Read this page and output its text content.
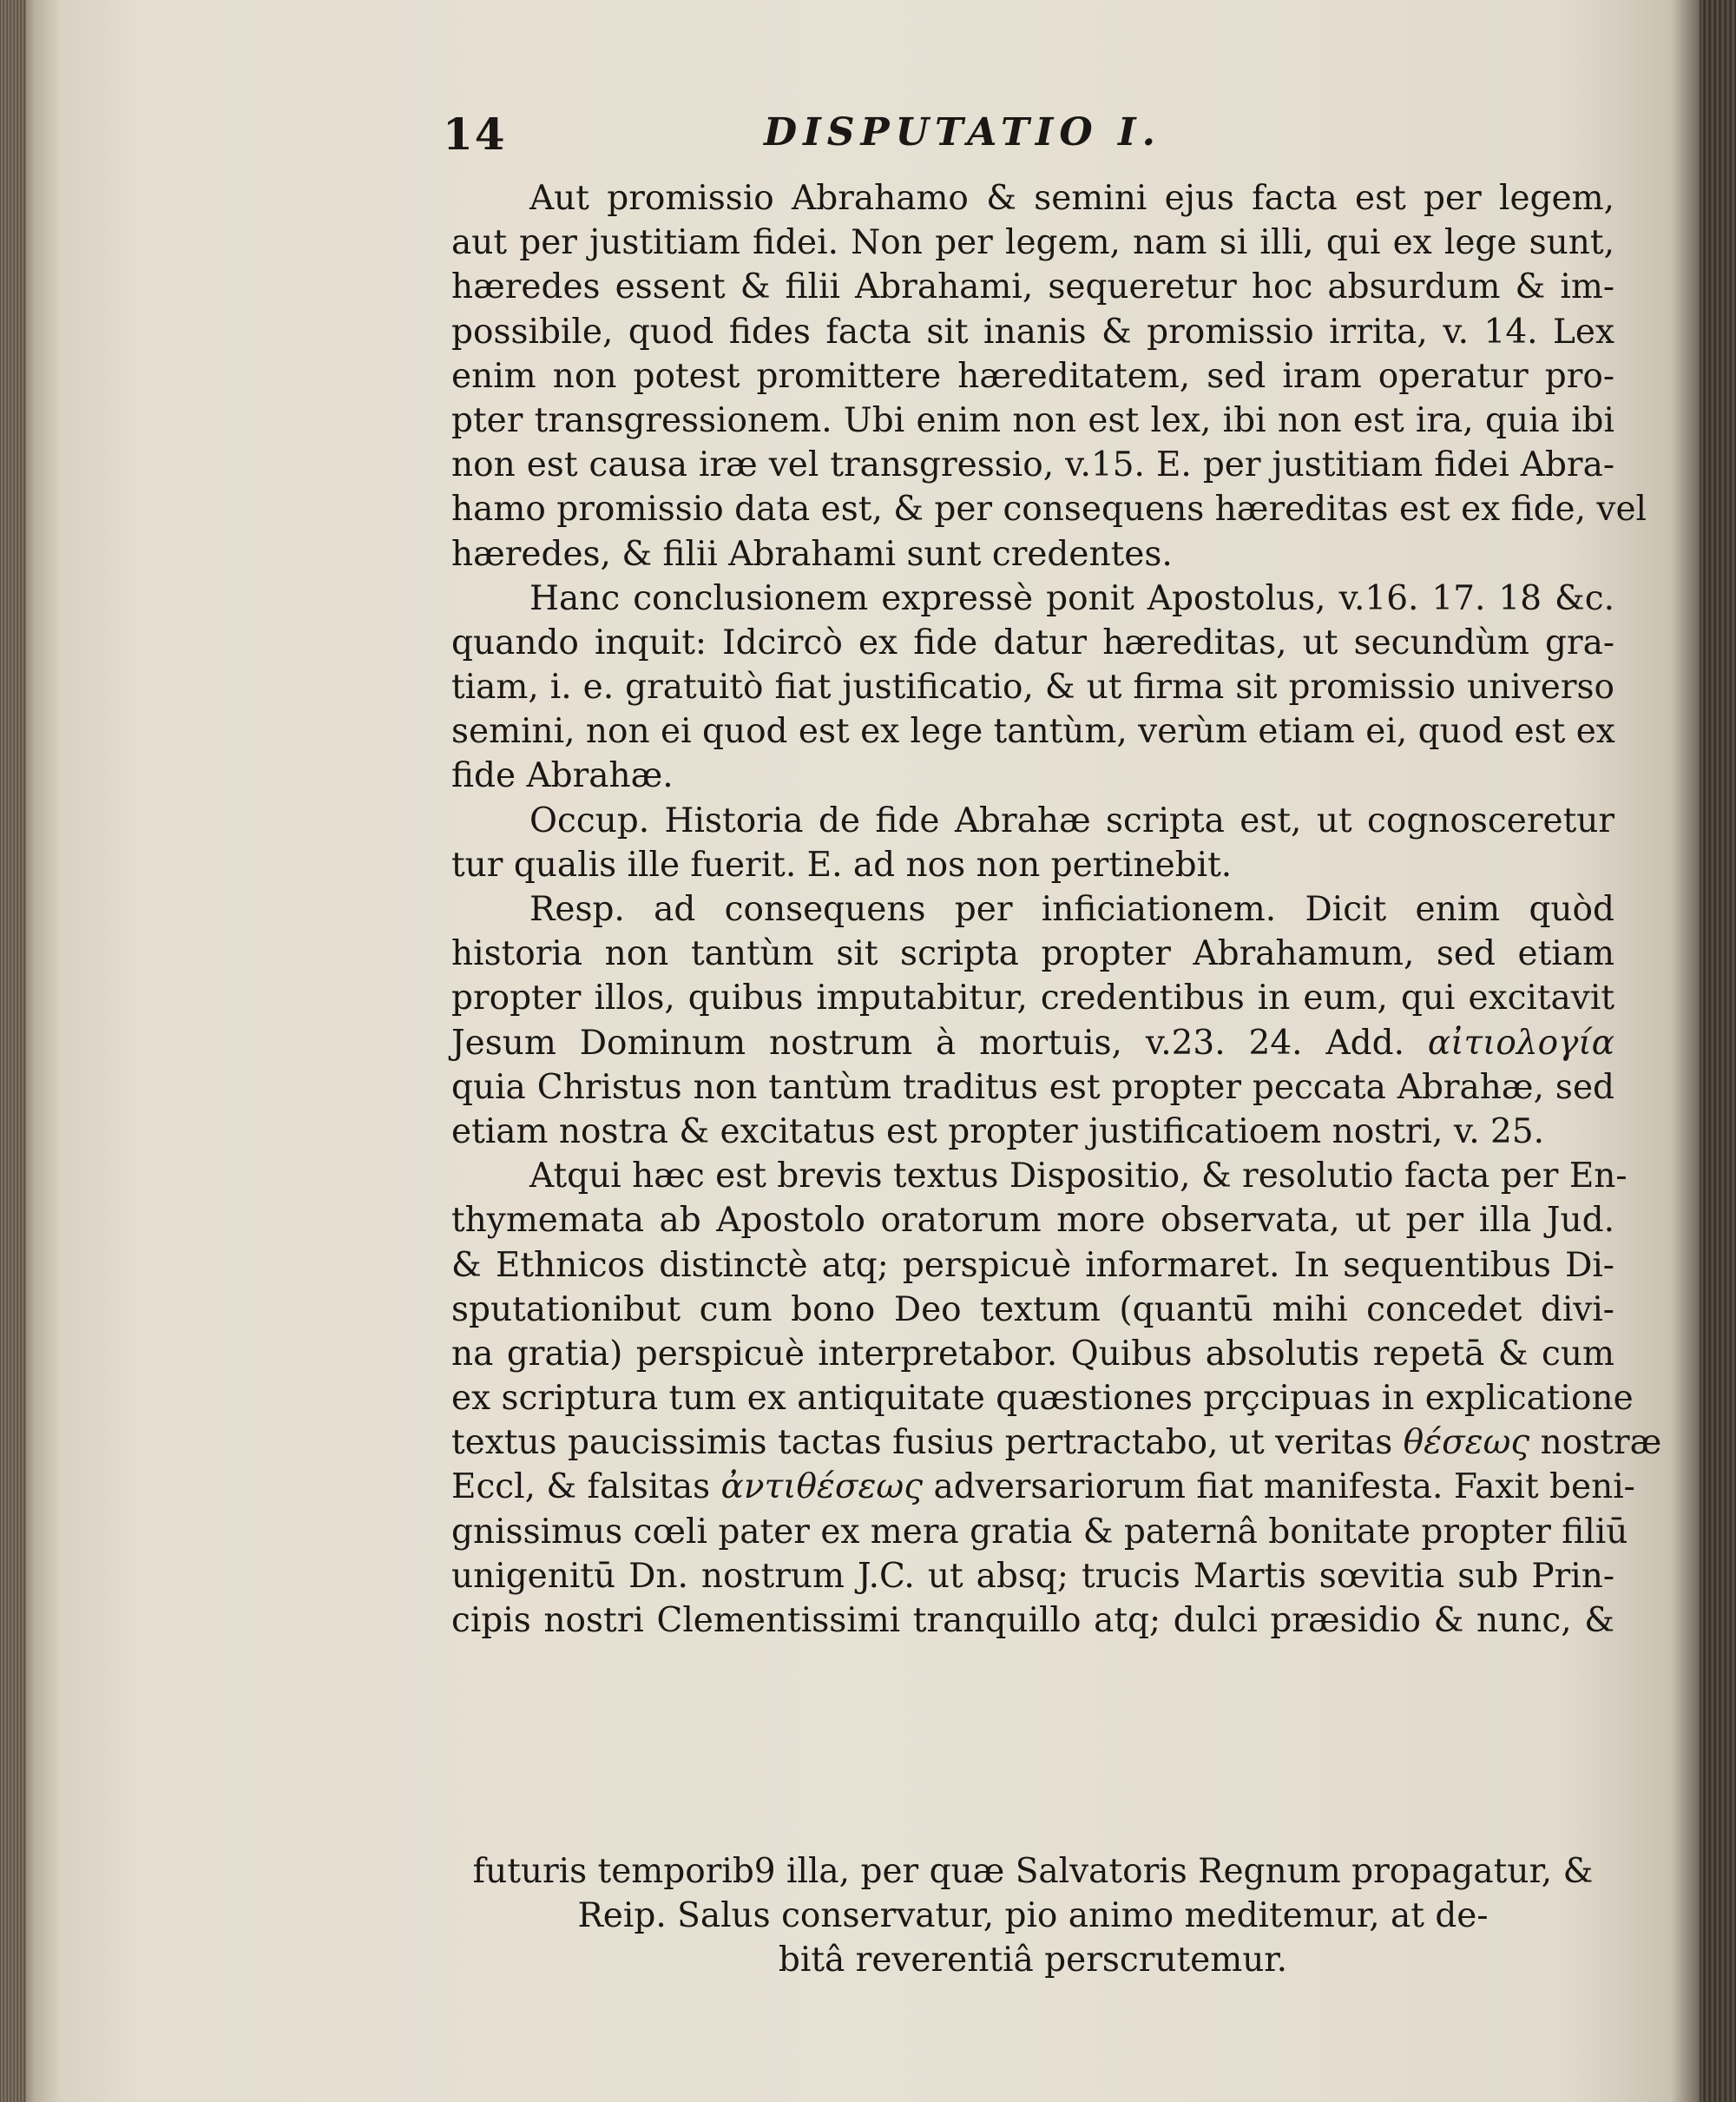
14	DISPUTATIO I.
Aut promissio Abrahamo & semini ejus facta est per legem,
aut per justitiam fidei. Non per legem, nam si illi, qui ex lege sunt,
hæredes essent & filii Abrahami, sequeretur hoc absurdum & im-
possibile, quod fides facta sit inanis & promissio irrita, v. 14. Lex
enim non potest promittere hæreditatem, sed iram operatur pro-
pter transgressionem. Ubi enim non est lex, ibi non est ira, quia ibi
non est causa iræ vel transgressio, v.15. E. per justitiam fidei Abra-
hamo promissio data est, & per consequens hæreditas est ex fide, vel
hæredes, & filii Abrahami sunt credentes.
Hanc conclusionem expressè ponit Apostolus, v.16. 17. 18 &c.
quando inquit: Idcircò ex fide datur hæreditas, ut secundùm gra-
tiam, i. e. gratuitò fiat justificatio, & ut firma sit promissio universo
semini, non ei quod est ex lege tantùm, verùm etiam ei, quod est ex
fide Abrahæ.
Occup. Historia de fide Abrahæ scripta est, ut cognosceretur
tur qualis ille fuerit. E. ad nos non pertinebit.
Resp. ad consequens per inficiationem. Dicit enim quòd
historia non tantùm sit scripta propter Abrahamum, sed etiam
propter illos, quibus imputabitur, credentibus in eum, qui excitavit
Jesum Dominum nostrum à mortuis, v.23. 24. Add. αἰτιολογία
quia Christus non tantùm traditus est propter peccata Abrahæ, sed
etiam nostra & excitatus est propter justificatioem nostri, v. 25.
Atqui hæc est brevis textus Dispositio, & resolutio facta per En-
thymemata ab Apostolo oratorum more observata, ut per illa Jud.
& Ethnicos distinctè atq; perspicuè informaret. In sequentibus Di-
sputationibut cum bono Deo textum (quantū mihi concedet divi-
na gratia) perspicuè interpretabor. Quibus absolutis repetā & cum
ex scriptura tum ex antiquitate quæstiones prçcipuas in explicatione
textus paucissimis tactas fusius pertractabo, ut veritas θέσεως nostræ
Eccl, & falsitas ἀντιθέσεως adversariorum fiat manifesta. Faxit beni-
gnissimus cœli pater ex mera gratia & paternâ bonitate propter filiū
unigenitū Dn. nostrum J.C. ut absq; trucis Martis sœvitia sub Prin-
cipis nostri Clementissimi tranquillo atq; dulci præsidio & nunc, &
futuris temporib9 illa, per quæ Salvatoris Regnum propagatur, &
Reip. Salus conservatur, pio animo meditemur, at de-
bitâ reverentiâ perscrutemur.
